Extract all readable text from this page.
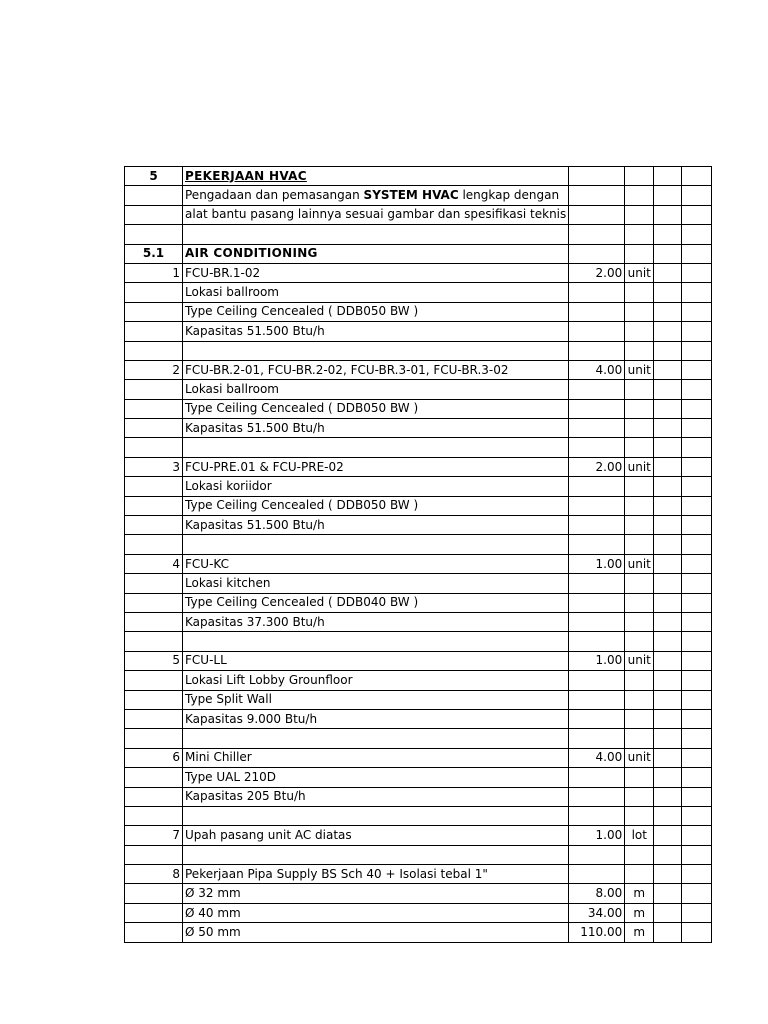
5	PEKERJAAN HVAC				
	Pengadaan dan pemasangan SYSTEM HVAC lengkap dengan				
	alat bantu pasang lainnya sesuai gambar dan spesifikasi teknis				

5.1	AIR CONDITIONING				
1	FCU-BR.1-02	2.00	unit		
	Lokasi ballroom				
	Type Ceiling Cencealed ( DDB050 BW )				
	Kapasitas 51.500 Btu/h				

2	FCU-BR.2-01, FCU-BR.2-02, FCU-BR.3-01, FCU-BR.3-02	4.00	unit		
	Lokasi ballroom				
	Type Ceiling Cencealed ( DDB050 BW )				
	Kapasitas 51.500 Btu/h				

3	FCU-PRE.01 & FCU-PRE-02	2.00	unit		
	Lokasi koriidor				
	Type Ceiling Cencealed ( DDB050 BW )				
	Kapasitas 51.500 Btu/h				

4	FCU-KC	1.00	unit		
	Lokasi kitchen				
	Type Ceiling Cencealed ( DDB040 BW )				
	Kapasitas 37.300 Btu/h				

5	FCU-LL	1.00	unit		
	Lokasi Lift Lobby Grounfloor				
	Type Split Wall				
	Kapasitas 9.000 Btu/h				

6	Mini Chiller	4.00	unit		
	Type UAL 210D				
	Kapasitas 205 Btu/h				

7	Upah pasang unit AC diatas	1.00	lot		

8	Pekerjaan Pipa Supply BS Sch 40 + Isolasi tebal 1"				
	Ø 32 mm	8.00	m		
	Ø 40 mm	34.00	m		
	Ø 50 mm	110.00	m		
